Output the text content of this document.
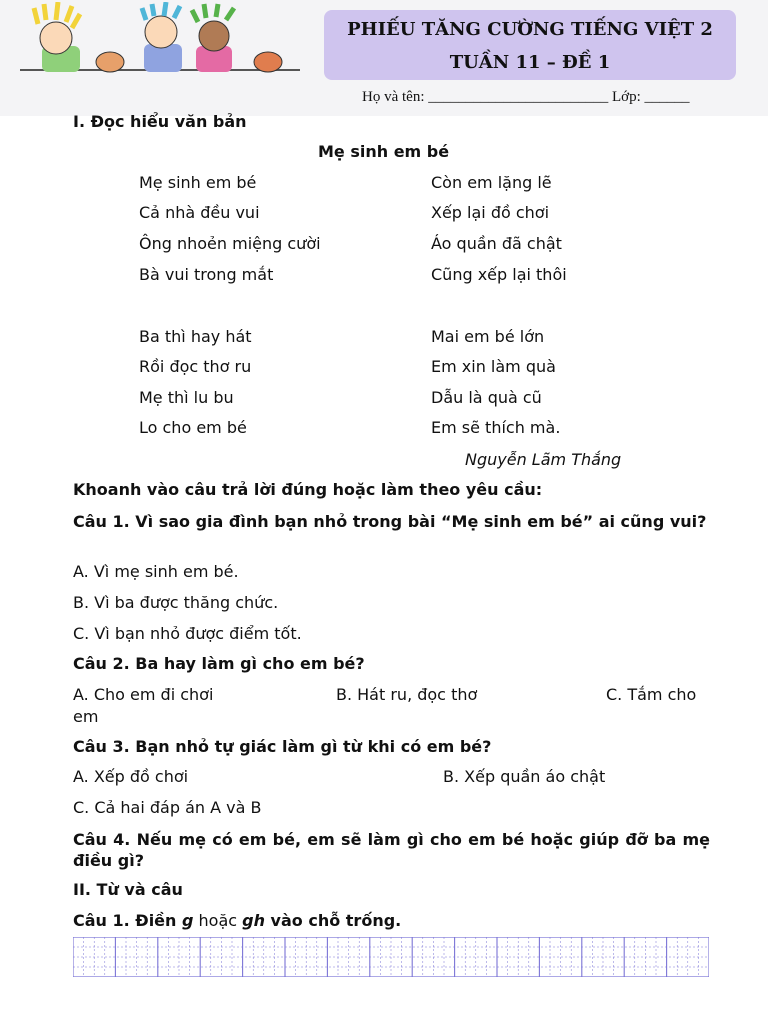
PHIẾU TĂNG CƯỜNG TIẾNG VIỆT 2
TUẦN 11 – ĐỀ 1
Họ và tên: ________________________ Lớp: ______
I. Đọc hiểu văn bản
Mẹ sinh em bé
Mẹ sinh em bé
Cả nhà đều vui
Ông nhoẻn miệng cười
Bà vui trong mắt
Ba thì hay hát
Rồi đọc thơ ru
Mẹ thì lu bu
Lo cho em bé
Còn em lặng lẽ
Xếp lại đồ chơi
Áo quần đã chật
Cũng xếp lại thôi
Mai em bé lớn
Em xin làm quà
Dẫu là quà cũ
Em sẽ thích mà.
Nguyễn Lãm Thắng
Khoanh vào câu trả lời đúng hoặc làm theo yêu cầu:
Câu 1. Vì sao gia đình bạn nhỏ trong bài “Mẹ sinh em bé” ai cũng vui?
A. Vì mẹ sinh em bé.
B. Vì ba được thăng chức.
C. Vì bạn nhỏ được điểm tốt.
Câu 2. Ba hay làm gì cho em bé?
A. Cho em đi chơi	B. Hát ru, đọc thơ	C. Tắm cho
em
Câu 3. Bạn nhỏ tự giác làm gì từ khi có em bé?
A. Xếp đồ chơi	B. Xếp quần áo chật
C. Cả hai đáp án A và B
Câu 4. Nếu mẹ có em bé, em sẽ làm gì cho em bé hoặc giúp đỡ ba mẹ điều gì?
II. Từ và câu
Câu 1. Điền g hoặc gh vào chỗ trống.
